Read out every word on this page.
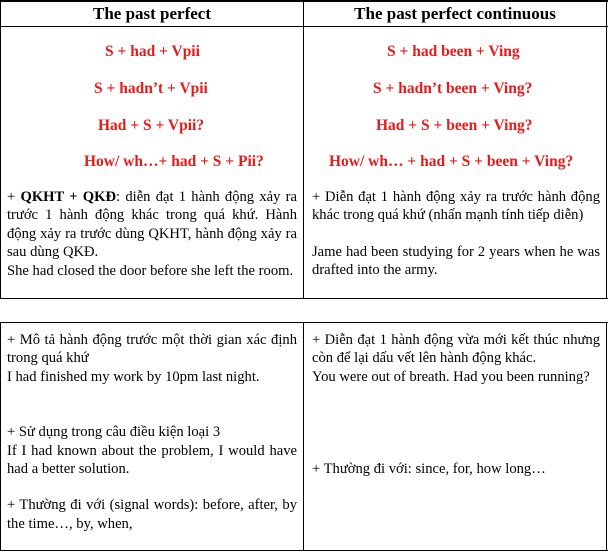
The past perfect	The past perfect continuous
S + had + Vpii
S + hadn’t + Vpii
Had + S + Vpii?
How/ wh…+ had + S + Pii?
S + had been + Ving
S + hadn’t been + Ving?
Had + S + been + Ving?
How/ wh… + had + S + been + Ving?

+ QKHT + QKĐ: diễn đạt 1 hành động xảy ra trước 1 hành động khác trong quá khứ. Hành động xảy ra trước dùng QKHT, hành động xảy ra sau dùng QKĐ.

She had closed the door before she left the room.

+ Diễn đạt 1 hành động xảy ra trước hành động khác trong quá khứ (nhấn mạnh tính tiếp diễn)

Jame had been studying for 2 years when he was drafted into the army.

+ Mô tả hành động trước một thời gian xác định trong quá khứ

I had finished my work by 10pm last night.

+ Sử dụng trong câu điều kiện loại 3

If I had known about the problem, I would have had a better solution.

+ Thường đi với (signal words): before, after, by the time…, by, when,

+ Diễn đạt 1 hành động vừa mới kết thúc nhưng còn để lại dấu vết lên hành động khác.

You were out of breath. Had you been running?

+ Thường đi với: since, for, how long…
